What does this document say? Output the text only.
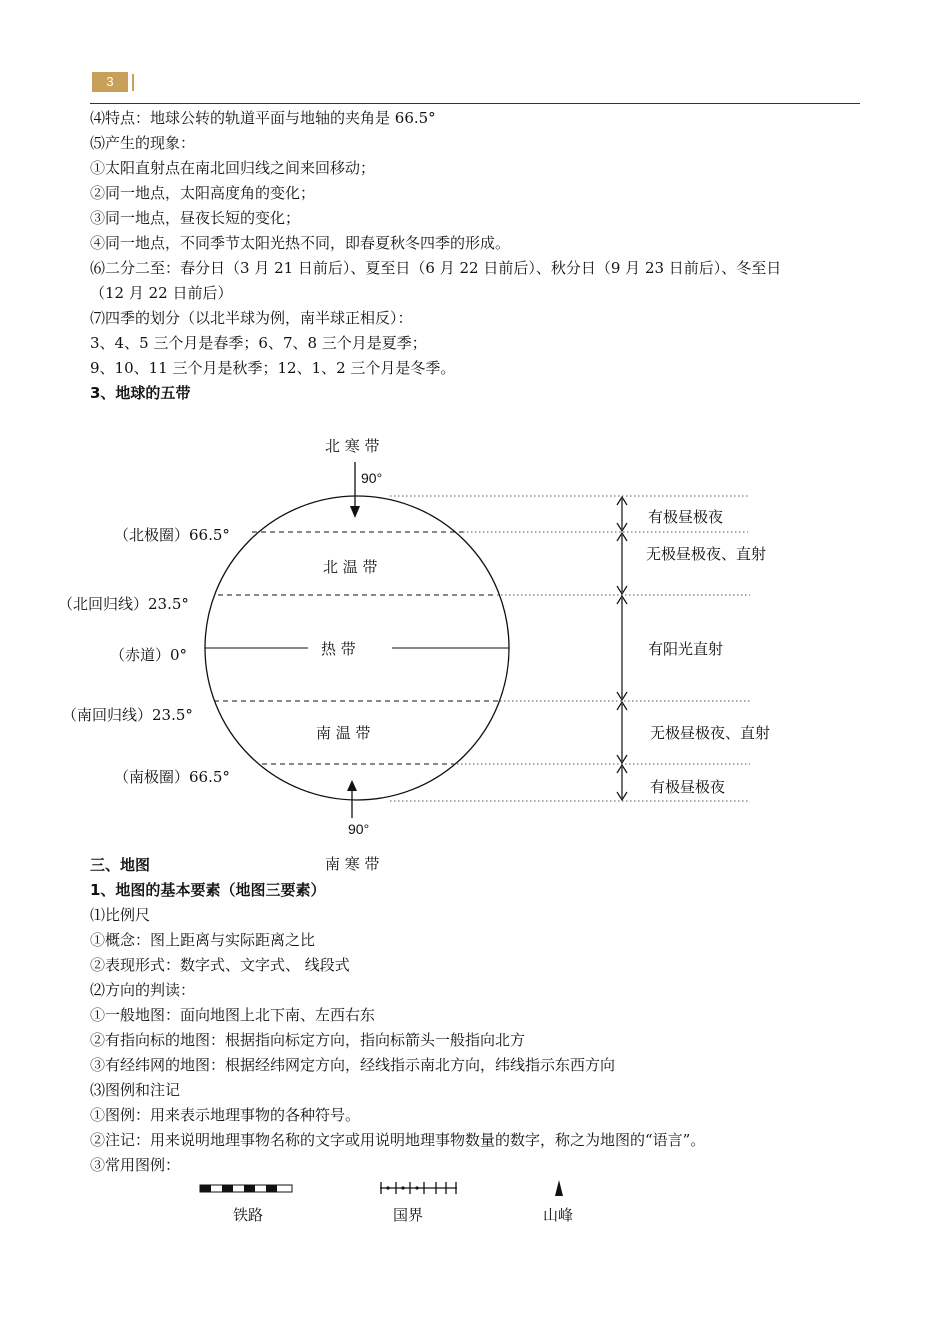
3
⑷特点：地球公转的轨道平面与地轴的夹角是 66.5°
⑸产生的现象：
①太阳直射点在南北回归线之间来回移动；
②同一地点，太阳高度角的变化；
③同一地点，昼夜长短的变化；
④同一地点，不同季节太阳光热不同，即春夏秋冬四季的形成。
⑹二分二至：春分日（3 月 21 日前后）、夏至日（6 月 22 日前后）、秋分日（9 月 23 日前后）、冬至日
（12 月 22 日前后）
⑺四季的划分（以北半球为例，南半球正相反）：
3、4、5 三个月是春季；6、7、8 三个月是夏季；
9、10、11 三个月是秋季；12、1、2 三个月是冬季。
3、地球的五带
北 寒 带
90°
（北极圈）66.5°
北 温 带
（北回归线）23.5°
（赤道）0°	热 带
（南回归线）23.5°
南 温 带
（南极圈）66.5°
90°
南 寒 带
有极昼极夜
无极昼极夜、直射
有阳光直射
无极昼极夜、直射
有极昼极夜
三、地图
1、地图的基本要素（地图三要素）
⑴比例尺
①概念：图上距离与实际距离之比
②表现形式：数字式、文字式、 线段式
⑵方向的判读：
①一般地图：面向地图上北下南、左西右东
②有指向标的地图：根据指向标定方向，指向标箭头一般指向北方
③有经纬网的地图：根据经纬网定方向，经线指示南北方向，纬线指示东西方向
⑶图例和注记
①图例：用来表示地理事物的各种符号。
②注记：用来说明地理事物名称的文字或用说明地理事物数量的数字，称之为地图的“语言”。
③常用图例：
铁路	国界	山峰
